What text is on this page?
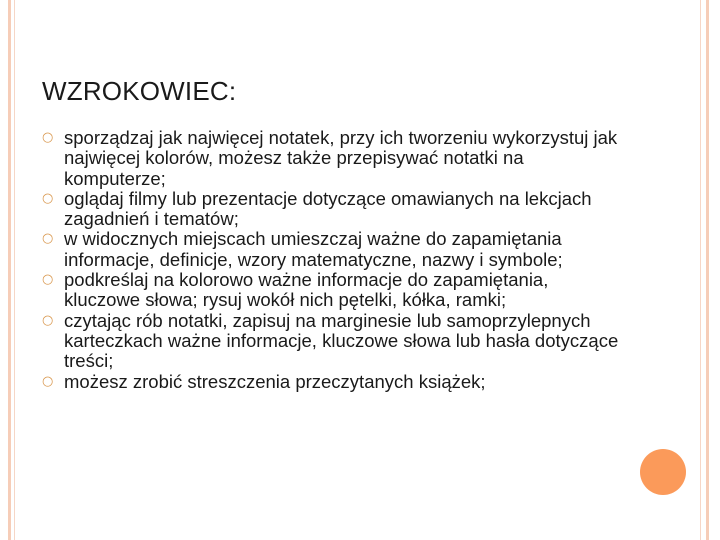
WZROKOWIEC:
○ sporządzaj jak najwięcej notatek, przy ich tworzeniu wykorzystuj jak najwięcej kolorów, możesz także przepisywać notatki na komputerze;
○ oglądaj filmy lub prezentacje dotyczące omawianych na lekcjach zagadnień i tematów;
○ w widocznych miejscach umieszczaj ważne do zapamiętania informacje, definicje, wzory matematyczne, nazwy i symbole;
○ podkreślaj na kolorowo ważne informacje do zapamiętania, kluczowe słowa; rysuj wokół nich pętelki, kółka, ramki;
○ czytając rób notatki, zapisuj na marginesie lub samoprzylepnych karteczkach ważne informacje, kluczowe słowa lub hasła dotyczące treści;
○ możesz zrobić streszczenia przeczytanych książek;
